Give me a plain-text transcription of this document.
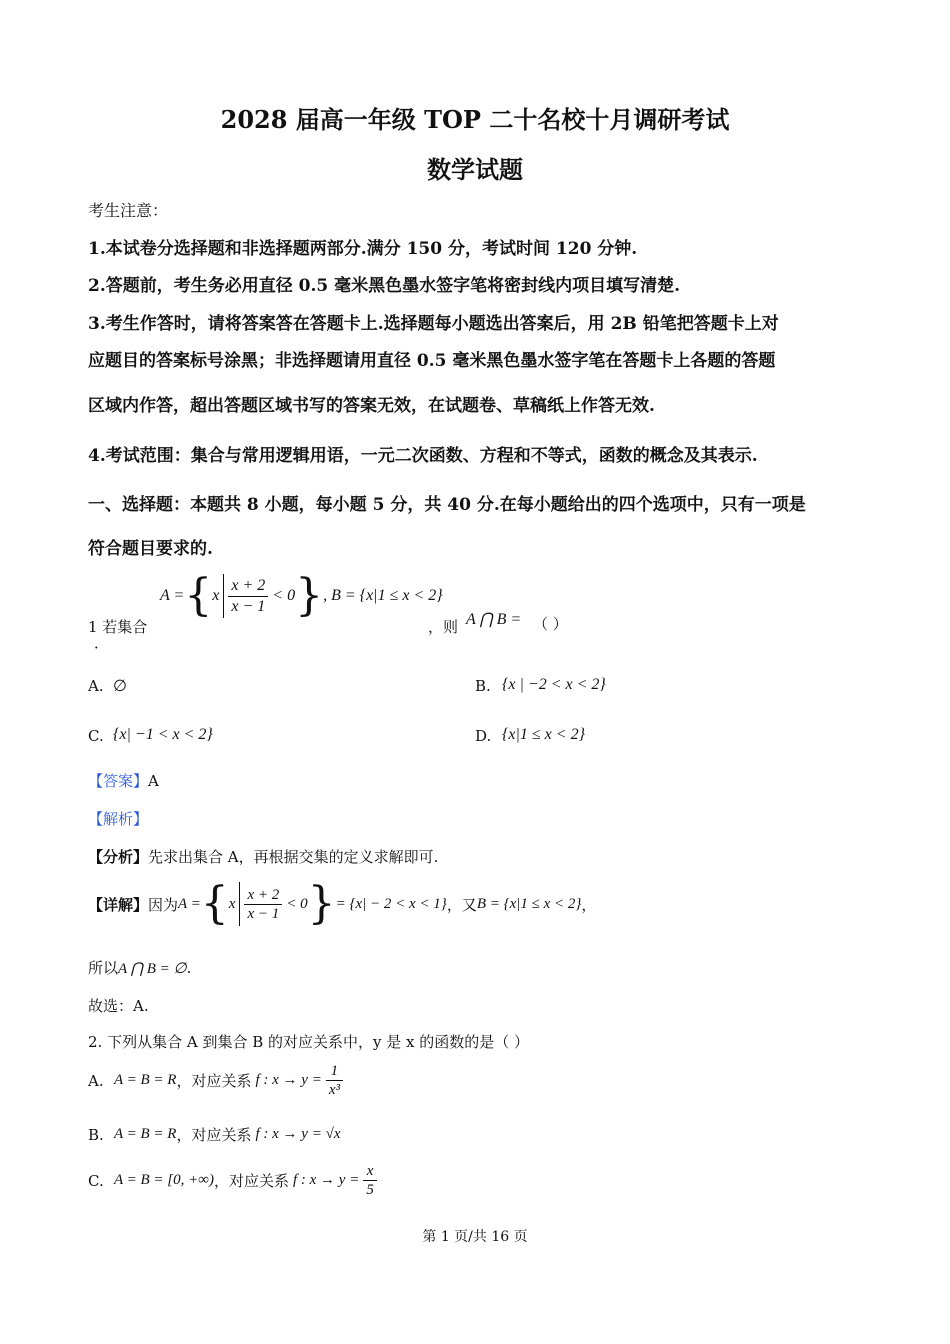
2028 届高一年级 TOP 二十名校十月调研考试
数学试题
考生注意：
1.本试卷分选择题和非选择题两部分.满分 150 分，考试时间 120 分钟.
2.答题前，考生务必用直径 0.5 毫米黑色墨水签字笔将密封线内项目填写清楚.
3.考生作答时，请将答案答在答题卡上.选择题每小题选出答案后，用 2B 铅笔把答题卡上对
应题目的答案标号涂黑；非选择题请用直径 0.5 毫米黑色墨水签字笔在答题卡上各题的答题
区域内作答，超出答题区域书写的答案无效，在试题卷、草稿纸上作答无效.
4.考试范围：集合与常用逻辑用语，一元二次函数、方程和不等式，函数的概念及其表示.
一、选择题：本题共 8 小题，每小题 5 分，共 40 分.在每小题给出的四个选项中，只有一项是
符合题目要求的.
1 若集合
．
A = { x $\frac{x + 2}{x - 1} < 0$ } , B = {x|1 ≤ x < 2}
，则 A ⋂ B = （ ）
A. ∅	B. {x | −2 < x < 2}
C. {x| −1 < x < 2}	D. {x|1 ≤ x < 2}
【答案】A
【解析】
【分析】先求出集合 A，再根据交集的定义求解即可.
【详解】 因为 A = { x $\frac{x + 2}{x - 1} < 0$ } = {x| − 2 < x < 1} ，又 B = {x|1 ≤ x < 2} ，
所以A ⋂ B = ∅.
故选：A.
2. 下列从集合 A 到集合 B 的对应关系中，y 是 x 的函数的是（ ）
A. A = B = R ，对应关系 f : $x \to y = \frac{1}{\text{x³}}$
B. A = B = R ，对应关系 f : x → y = √x
C. A = B = [0, +∞) ，对应关系 f : $x \to y = \frac{x}{5}$
第 1 页/共 16 页
